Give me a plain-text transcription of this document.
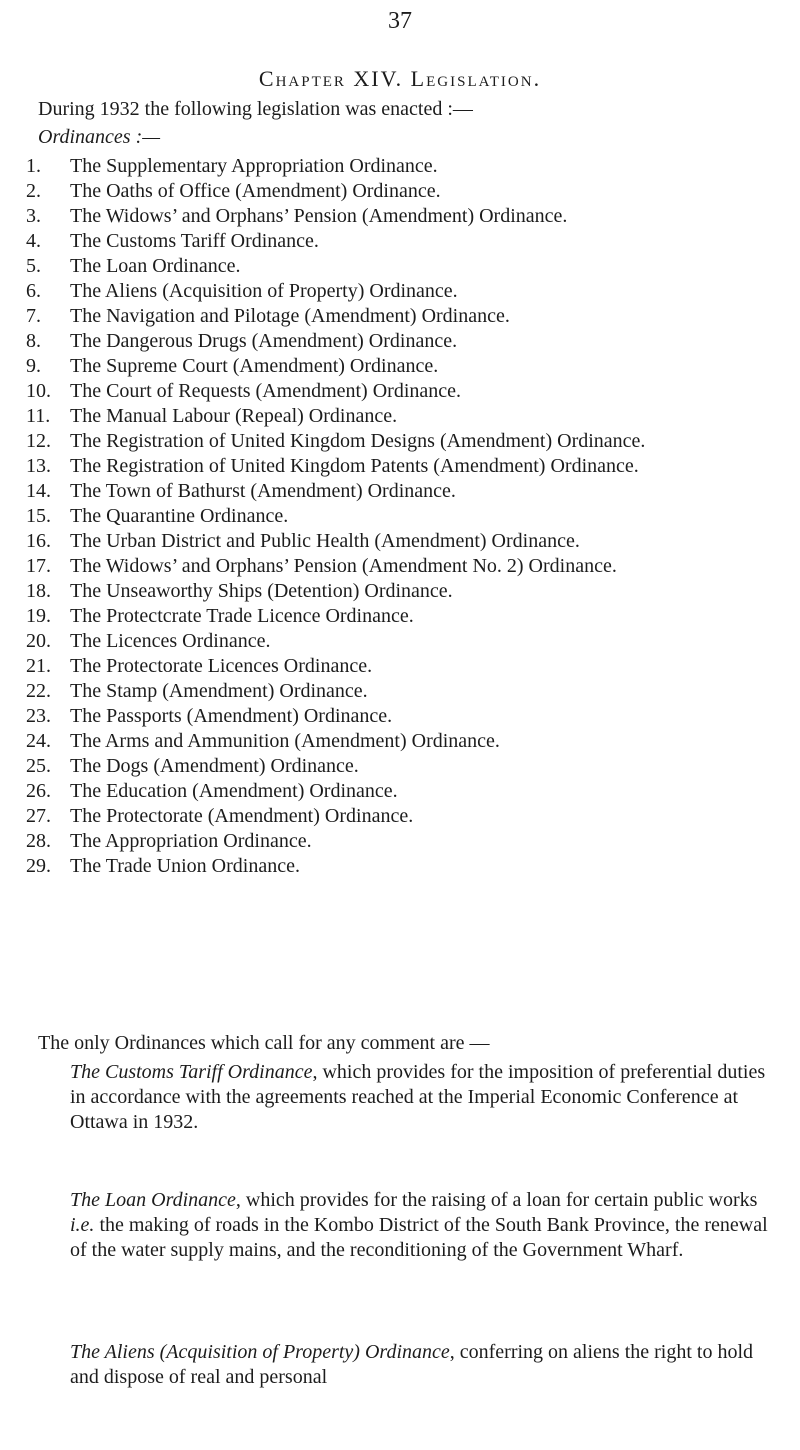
37
Chapter XIV. Legislation.
During 1932 the following legislation was enacted :—
Ordinances :—
1.	The Supplementary Appropriation Ordinance.
2.	The Oaths of Office (Amendment) Ordinance.
3.	The Widows’ and Orphans’ Pension (Amendment) Ordinance.
4.	The Customs Tariff Ordinance.
5.	The Loan Ordinance.
6.	The Aliens (Acquisition of Property) Ordinance.
7.	The Navigation and Pilotage (Amendment) Ordinance.
8.	The Dangerous Drugs (Amendment) Ordinance.
9.	The Supreme Court (Amendment) Ordinance.
10. The Court of Requests (Amendment) Ordinance.
11. The Manual Labour (Repeal) Ordinance.
12. The Registration of United Kingdom Designs (Amendment) Ordinance.
13. The Registration of United Kingdom Patents (Amendment) Ordinance.
14. The Town of Bathurst (Amendment) Ordinance.
15. The Quarantine Ordinance.
16. The Urban District and Public Health (Amendment) Ordinance.
17. The Widows’ and Orphans’ Pension (Amendment No. 2) Ordinance.
18. The Unseaworthy Ships (Detention) Ordinance.
19. The Protectcrate Trade Licence Ordinance.
20. The Licences Ordinance.
21. The Protectorate Licences Ordinance.
22. The Stamp (Amendment) Ordinance.
23. The Passports (Amendment) Ordinance.
24. The Arms and Ammunition (Amendment) Ordinance.
25. The Dogs (Amendment) Ordinance.
26. The Education (Amendment) Ordinance.
27. The Protectorate (Amendment) Ordinance.
28. The Appropriation Ordinance.
29. The Trade Union Ordinance.
The only Ordinances which call for any comment are —
The Customs Tariff Ordinance, which provides for the imposition of preferential duties in accordance with the agreements reached at the Imperial Economic Conference at Ottawa in 1932.
The Loan Ordinance, which provides for the raising of a loan for certain public works i.e. the making of roads in the Kombo District of the South Bank Province, the renewal of the water supply mains, and the reconditioning of the Government Wharf.
The Aliens (Acquisition of Property) Ordinance, conferring on aliens the right to hold and dispose of real and personal
